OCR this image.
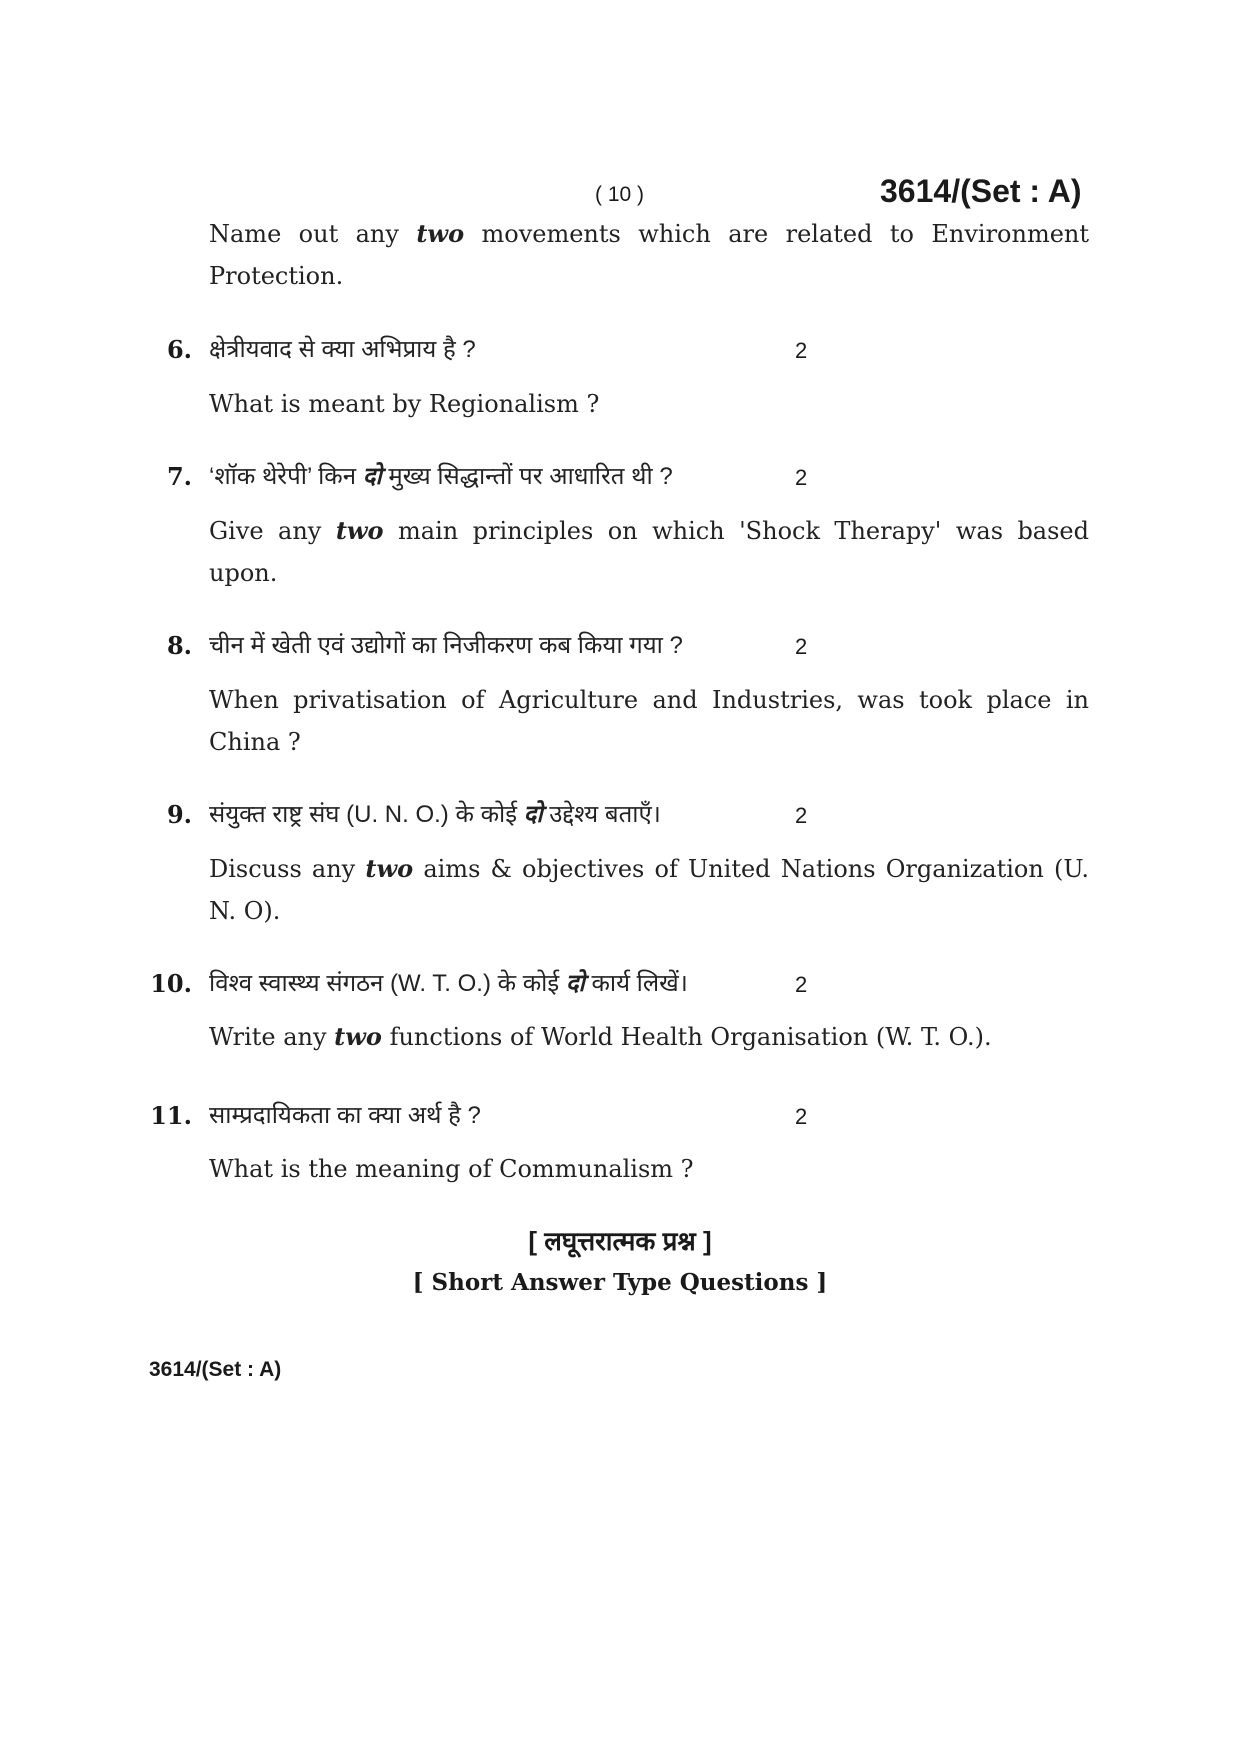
( 10 )	3614/(Set : A)
Name out any two movements which are related to Environment Protection.
6. क्षेत्रीयवाद से क्या अभिप्राय है ?	2
What is meant by Regionalism ?
7. ‘शॉक थेरेपी’ किन दो मुख्य सिद्धान्तों पर आधारित थी ?	2
Give any two main principles on which 'Shock Therapy' was based upon.
8. चीन में खेती एवं उद्योगों का निजीकरण कब किया गया ?	2
When privatisation of Agriculture and Industries, was took place in China ?
9. संयुक्त राष्ट्र संघ (U. N. O.) के कोई दो उद्देश्य बताएँ।	2
Discuss any two aims & objectives of United Nations Organization (U. N. O).
10. विश्व स्वास्थ्य संगठन (W. T. O.) के कोई दो कार्य लिखें।	2
Write any two functions of World Health Organisation (W. T. O.).
11. साम्प्रदायिकता का क्या अर्थ है ?	2
What is the meaning of Communalism ?
[ लघूत्तरात्मक प्रश्न ]
[ Short Answer Type Questions ]
3614/(Set : A)
